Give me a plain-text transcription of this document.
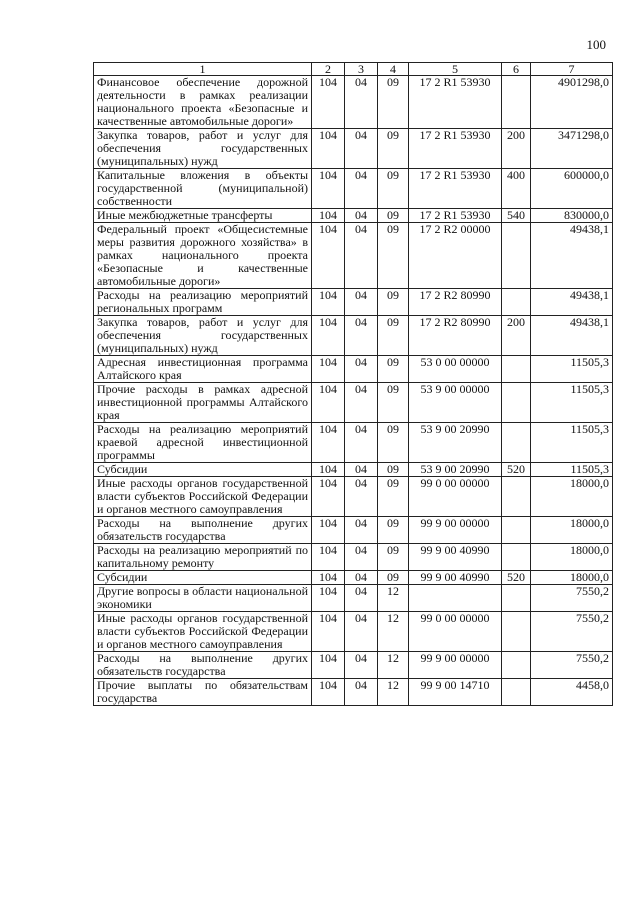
100
1	2	3	4	5	6	7
Финансовое обеспечение дорожной деятельности в рамках реализации национального проекта «Безопасные и качественные автомобильные дороги»	104	04	09	17 2 R1 53930		4901298,0
Закупка товаров, работ и услуг для обеспечения государственных (муниципальных) нужд	104	04	09	17 2 R1 53930	200	3471298,0
Капитальные вложения в объекты государственной (муниципальной) собственности	104	04	09	17 2 R1 53930	400	600000,0
Иные межбюджетные трансферты	104	04	09	17 2 R1 53930	540	830000,0
Федеральный проект «Общесистемные меры развития дорожного хозяйства» в рамках национального проекта «Безопасные и качественные автомобильные дороги»	104	04	09	17 2 R2 00000		49438,1
Расходы на реализацию мероприятий региональных программ	104	04	09	17 2 R2 80990		49438,1
Закупка товаров, работ и услуг для обеспечения государственных (муниципальных) нужд	104	04	09	17 2 R2 80990	200	49438,1
Адресная инвестиционная программа Алтайского края	104	04	09	53 0 00 00000		11505,3
Прочие расходы в рамках адресной инвестиционной программы Алтайского края	104	04	09	53 9 00 00000		11505,3
Расходы на реализацию мероприятий краевой адресной инвестиционной программы	104	04	09	53 9 00 20990		11505,3
Субсидии	104	04	09	53 9 00 20990	520	11505,3
Иные расходы органов государственной власти субъектов Российской Федерации и органов местного самоуправления	104	04	09	99 0 00 00000		18000,0
Расходы на выполнение других обязательств государства	104	04	09	99 9 00 00000		18000,0
Расходы на реализацию мероприятий по капитальному ремонту	104	04	09	99 9 00 40990		18000,0
Субсидии	104	04	09	99 9 00 40990	520	18000,0
Другие вопросы в области национальной экономики	104	04	12			7550,2
Иные расходы органов государственной власти субъектов Российской Федерации и органов местного самоуправления	104	04	12	99 0 00 00000		7550,2
Расходы на выполнение других обязательств государства	104	04	12	99 9 00 00000		7550,2
Прочие выплаты по обязательствам государства	104	04	12	99 9 00 14710		4458,0
